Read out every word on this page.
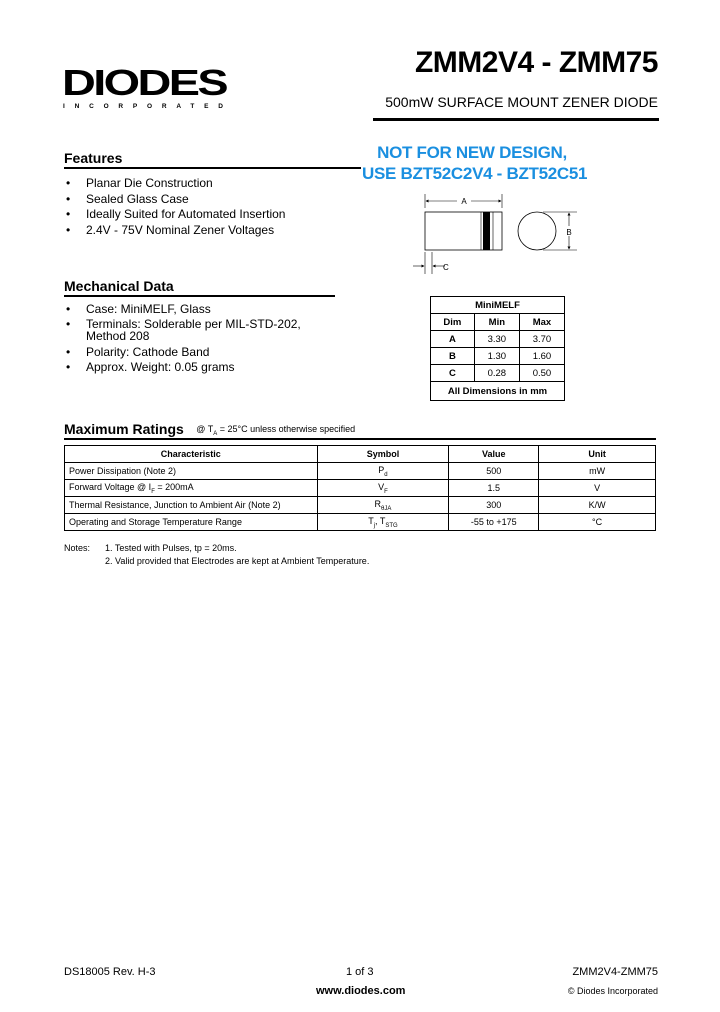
DIODES
INCORPORATED
ZMM2V4 - ZMM75
500mW SURFACE MOUNT ZENER DIODE
NOT FOR NEW DESIGN,
USE BZT52C2V4 - BZT52C51
Features
• Planar Die Construction
• Sealed Glass Case
• Ideally Suited for Automated Insertion
• 2.4V - 75V Nominal Zener Voltages
Mechanical Data
• Case: MiniMELF, Glass
• Terminals: Solderable per MIL-STD-202, Method 208
• Polarity: Cathode Band
• Approx. Weight: 0.05 grams
A
B
C
MiniMELF		
Dim	Min	Max
A	3.30	3.70
B	1.30	1.60
C	0.28	0.50
All Dimensions in mm		
Maximum Ratings @ $T_A = 25^\circ C$ unless otherwise specified
Characteristic	Symbol	Value	Unit
Power Dissipation (Note 2)	$P_d$	500	mW
Forward Voltage @ $I_F = 200mA$	$V_F$	1.5	V
Thermal Resistance, Junction to Ambient Air (Note 2)	$R_{\theta JA}$	300	K/W
Operating and Storage Temperature Range	$T_j$, $T_{STG}$	-55 to +175	°C
Notes:	1. Tested with Pulses, tp = 20ms.
2. Valid provided that Electrodes are kept at Ambient Temperature.
DS18005 Rev. H-3	1 of 3
www.diodes.com
ZMM2V4-ZMM75
© Diodes Incorporated
